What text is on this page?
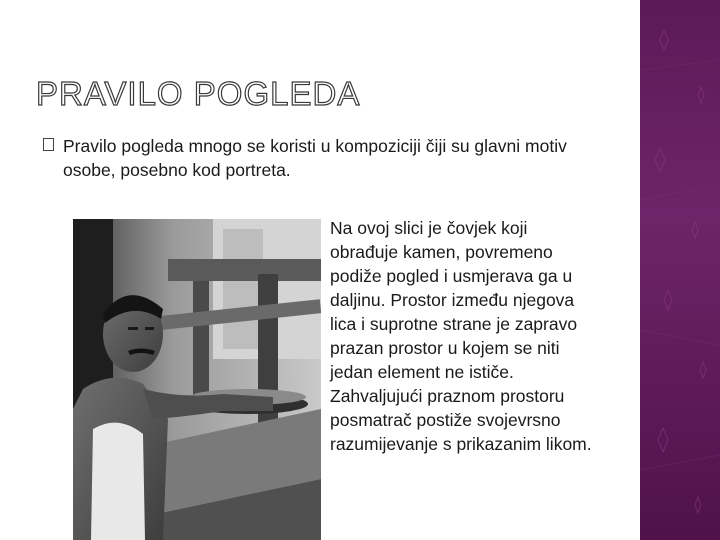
PRAVILO POGLEDA

Pravilo pogleda mnogo se koristi u kompoziciji čiji su glavni motiv osobe, posebno kod portreta.

Na ovoj slici je čovjek koji obrađuje kamen, povremeno podiže pogled i usmjerava ga u daljinu. Prostor između njegova lica i suprotne strane je zapravo prazan prostor u kojem se niti jedan element ne ističe. Zahvaljujući praznom prostoru posmatrač postiže svojevrsno razumijevanje s prikazanim likom.
